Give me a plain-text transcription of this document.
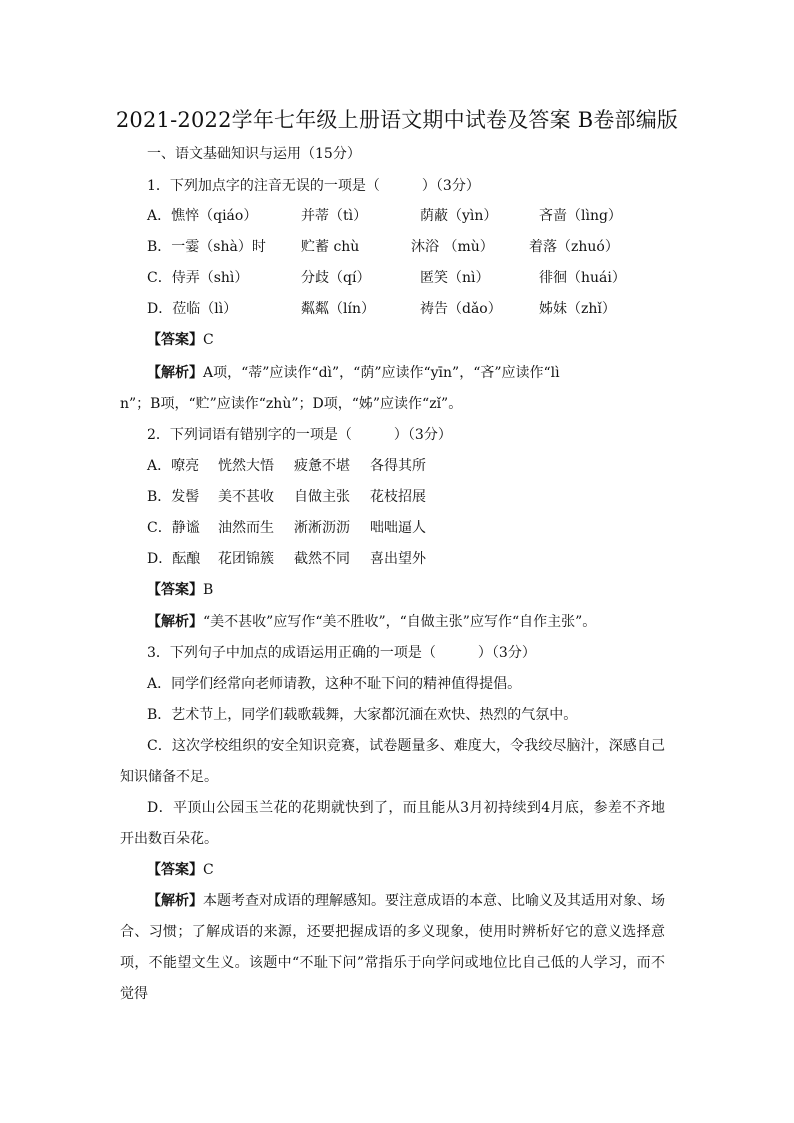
2021-2022学年七年级上册语文期中试卷及答案 B卷部编版
一、语文基础知识与运用（15分）
1．下列加点字的注音无误的一项是（　　　）（3分）
A．憔悴（qiáo）	并蒂（tì）	荫蔽（yìn）	吝啬（lìng）
B．一霎（shà）时	贮蓄 chù	沐浴 （mù）	着落（zhuó）
C．侍弄（shì）	分歧（qí）	匿笑（nì）	徘徊（huái）
D．莅临（lì）	粼粼（lín）	祷告（dǎo）	姊妹（zhǐ）
【答案】C
【解析】A项，“蒂”应读作“dì”，“荫”应读作“yīn”，“吝”应读作“lì
n”；B项，“贮”应读作“zhù”；D项，“姊”应读作“zǐ”。
2．下列词语有错别字的一项是（　　　）（3分）
A．嘹亮 恍然大悟 疲惫不堪 各得其所
B．发髻 美不甚收 自做主张 花枝招展
C．静谧 油然而生 淅淅沥沥 咄咄逼人
D．酝酿 花团锦簇 截然不同 喜出望外
【答案】B
【解析】“美不甚收”应写作“美不胜收”，“自做主张”应写作“自作主张”。
3．下列句子中加点的成语运用正确的一项是（　　　）（3分）
A．同学们经常向老师请教，这种不耻下问的精神值得提倡。
B．艺术节上，同学们载歌载舞，大家都沉湎在欢快、热烈的气氛中。
C．这次学校组织的安全知识竞赛，试卷题量多、难度大，令我绞尽脑汁，深感自己知识储备不足。
D．平顶山公园玉兰花的花期就快到了，而且能从3月初持续到4月底，参差不齐地开出数百朵花。
【答案】C
【解析】本题考查对成语的理解感知。要注意成语的本意、比喻义及其适用对象、场合、习惯；了解成语的来源，还要把握成语的多义现象，使用时辨析好它的意义选择意项，不能望文生义。该题中“不耻下问”常指乐于向学问或地位比自己低的人学习，而不觉得
